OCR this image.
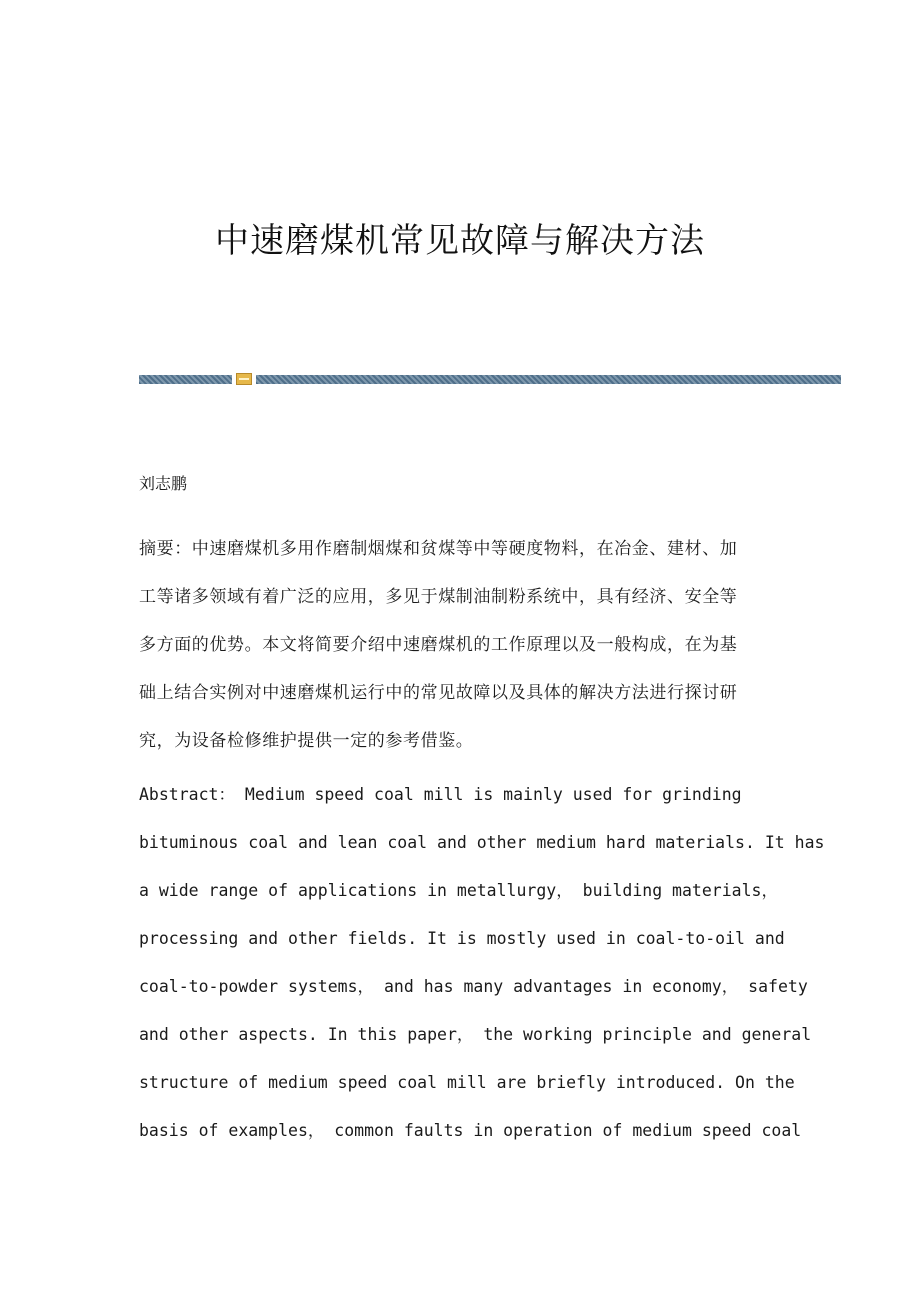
中速磨煤机常见故障与解决方法

刘志鹏

摘要：中速磨煤机多用作磨制烟煤和贫煤等中等硬度物料，在冶金、建材、加
工等诸多领域有着广泛的应用，多见于煤制油制粉系统中，具有经济、安全等
多方面的优势。本文将简要介绍中速磨煤机的工作原理以及一般构成，在为基
础上结合实例对中速磨煤机运行中的常见故障以及具体的解决方法进行探讨研
究，为设备检修维护提供一定的参考借鉴。
Abstract： Medium speed coal mill is mainly used for grinding
bituminous coal and lean coal and other medium hard materials. It has
a wide range of applications in metallurgy， building materials，
processing and other fields. It is mostly used in coal-to-oil and
coal-to-powder systems， and has many advantages in economy， safety
and other aspects. In this paper， the working principle and general
structure of medium speed coal mill are briefly introduced. On the
basis of examples， common faults in operation of medium speed coal
